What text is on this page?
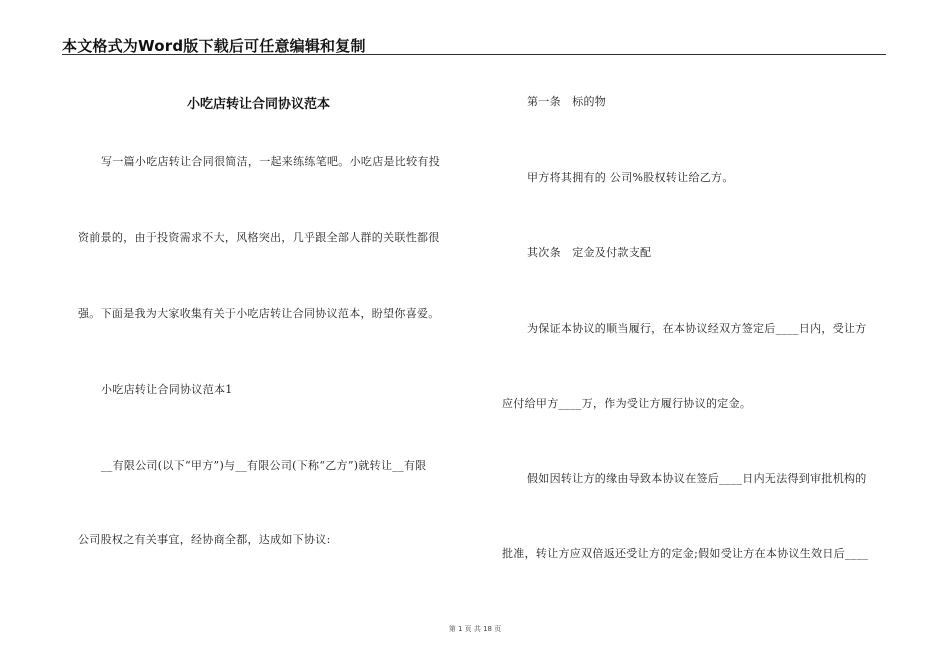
本文格式为Word版下载后可任意编辑和复制
小吃店转让合同协议范本
写一篇小吃店转让合同很简洁，一起来练练笔吧。小吃店是比较有投
资前景的，由于投资需求不大，风格突出，几乎跟全部人群的关联性都很
强。下面是我为大家收集有关于小吃店转让合同协议范本，盼望你喜爱。
小吃店转让合同协议范本1
__有限公司(以下“甲方”)与__有限公司(下称“乙方”)就转让__有限
公司股权之有关事宜，经协商全都，达成如下协议:
第一条　标的物
甲方将其拥有的 公司%股权转让给乙方。
其次条　定金及付款支配
为保证本协议的顺当履行，在本协议经双方签定后____日内，受让方
应付给甲方____万，作为受让方履行协议的定金。
假如因转让方的缘由导致本协议在签后____日内无法得到审批机构的
批准，转让方应双倍返还受让方的定金;假如受让方在本协议生效日后____
第 1 页 共 18 页
